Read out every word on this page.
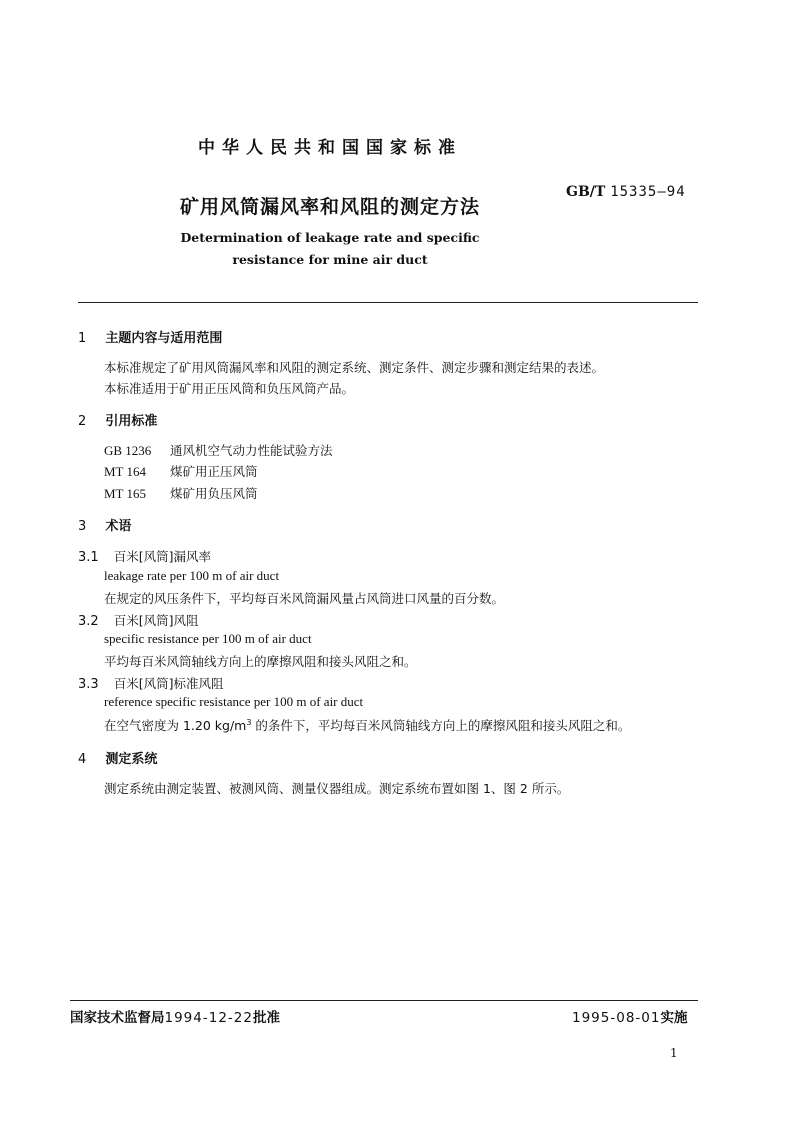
中华人民共和国国家标准
矿用风筒漏风率和风阻的测定方法
GB/T 15335—94
Determination of leakage rate and specific
resistance for mine air duct
1 主题内容与适用范围
本标准规定了矿用风筒漏风率和风阻的测定系统、测定条件、测定步骤和测定结果的表述。
本标准适用于矿用正压风筒和负压风筒产品。
2 引用标准
GB 1236 通风机空气动力性能试验方法
MT 164 煤矿用正压风筒
MT 165 煤矿用负压风筒
3 术语
3.1 百米[风筒]漏风率
leakage rate per 100 m of air duct
在规定的风压条件下，平均每百米风筒漏风量占风筒进口风量的百分数。
3.2 百米[风筒]风阻
specific resistance per 100 m of air duct
平均每百米风筒轴线方向上的摩擦风阻和接头风阻之和。
3.3 百米[风筒]标准风阻
reference specific resistance per 100 m of air duct
在空气密度为 1.20 $kg/m^3$ 的条件下，平均每百米风筒轴线方向上的摩擦风阻和接头风阻之和。
4 测定系统
测定系统由测定装置、被测风筒、测量仪器组成。测定系统布置如图 1、图 2 所示。
国家技术监督局1994-12-22批准	1995-08-01实施
1
